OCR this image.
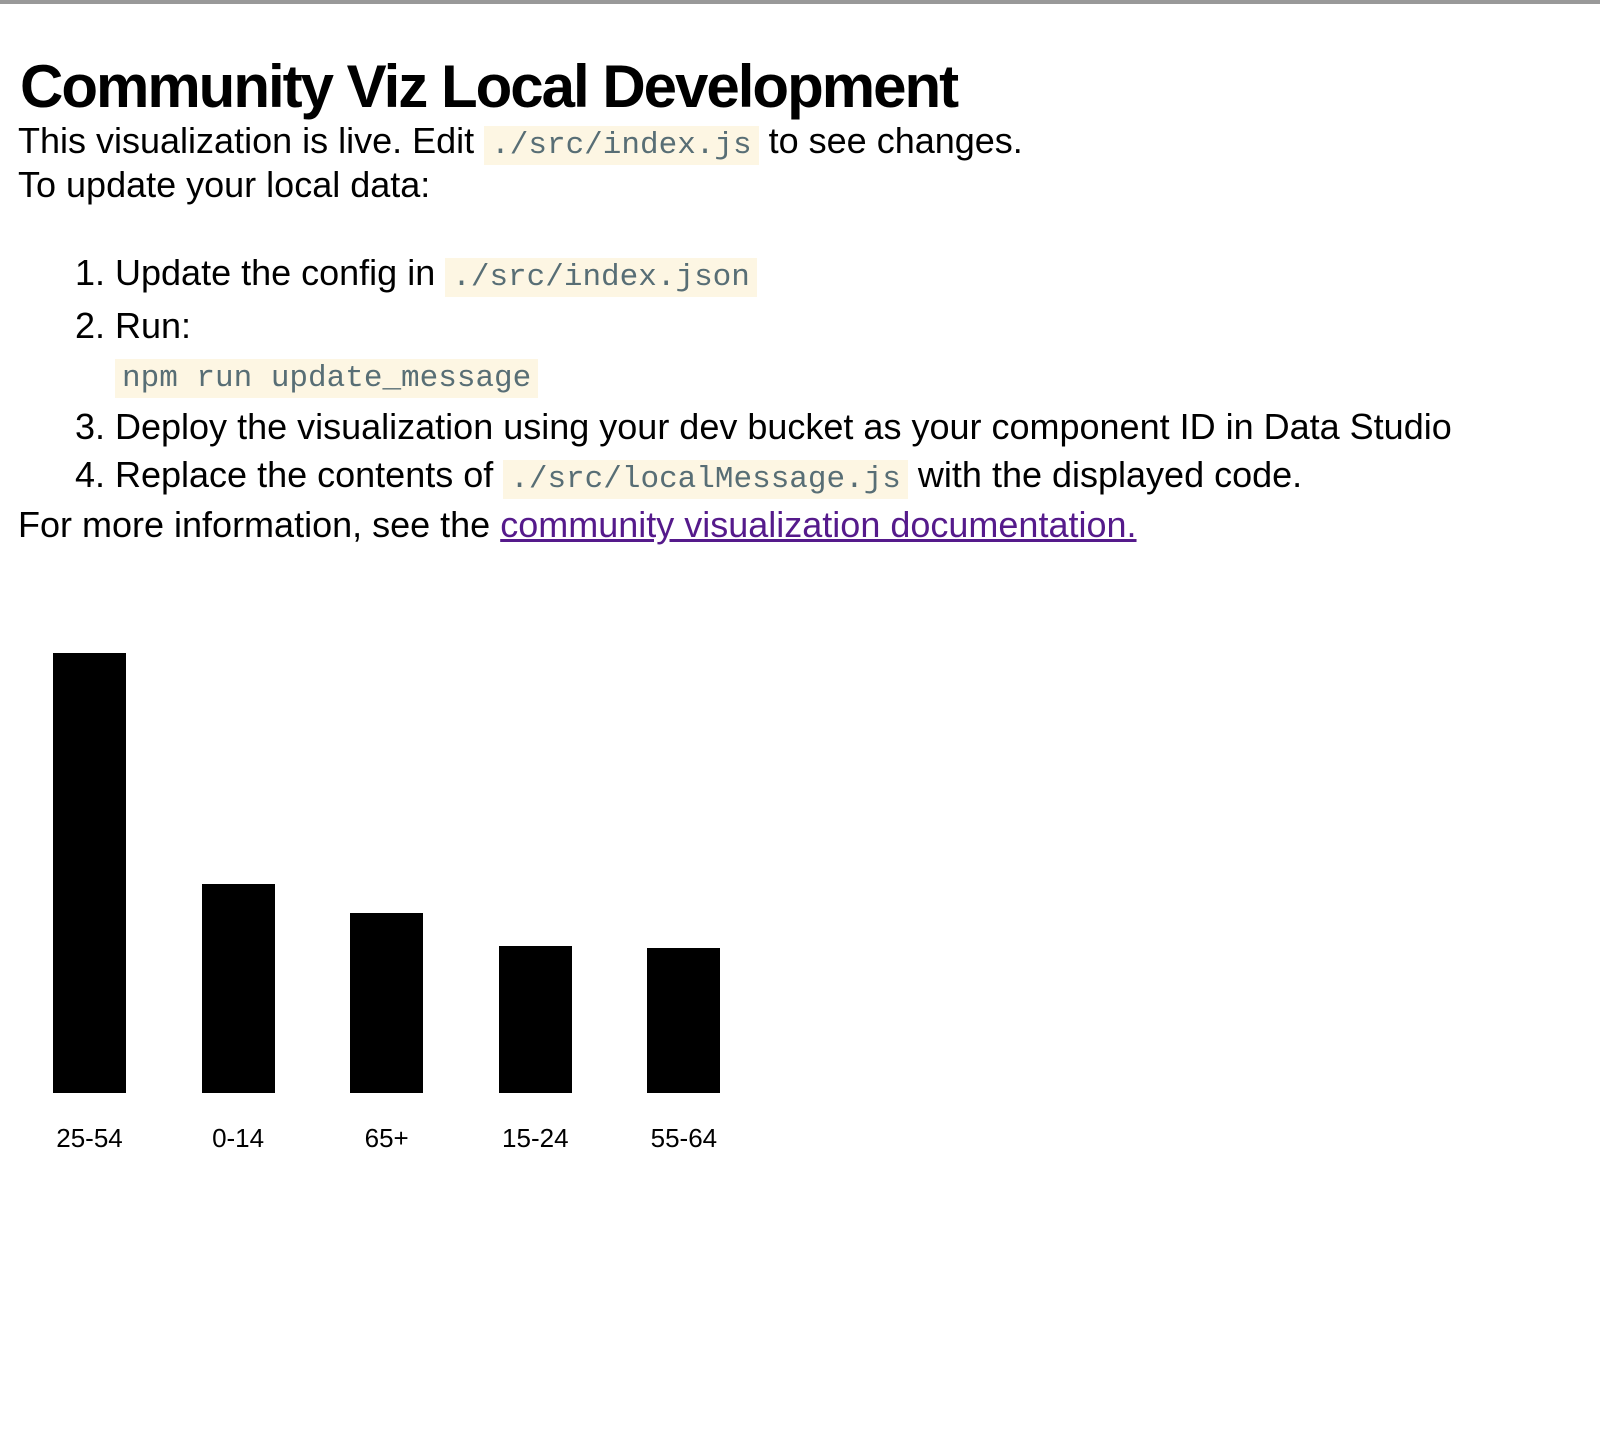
Community Viz Local Development

This visualization is live. Edit ./src/index.js to see changes.

To update your local data:

1. Update the config in ./src/index.json
2. Run:
npm run update_message
3. Deploy the visualization using your dev bucket as your component ID in Data Studio
4. Replace the contents of ./src/localMessage.js with the displayed code.

For more information, see the community visualization documentation.

25-54	0-14	65+	15-24	55-64
